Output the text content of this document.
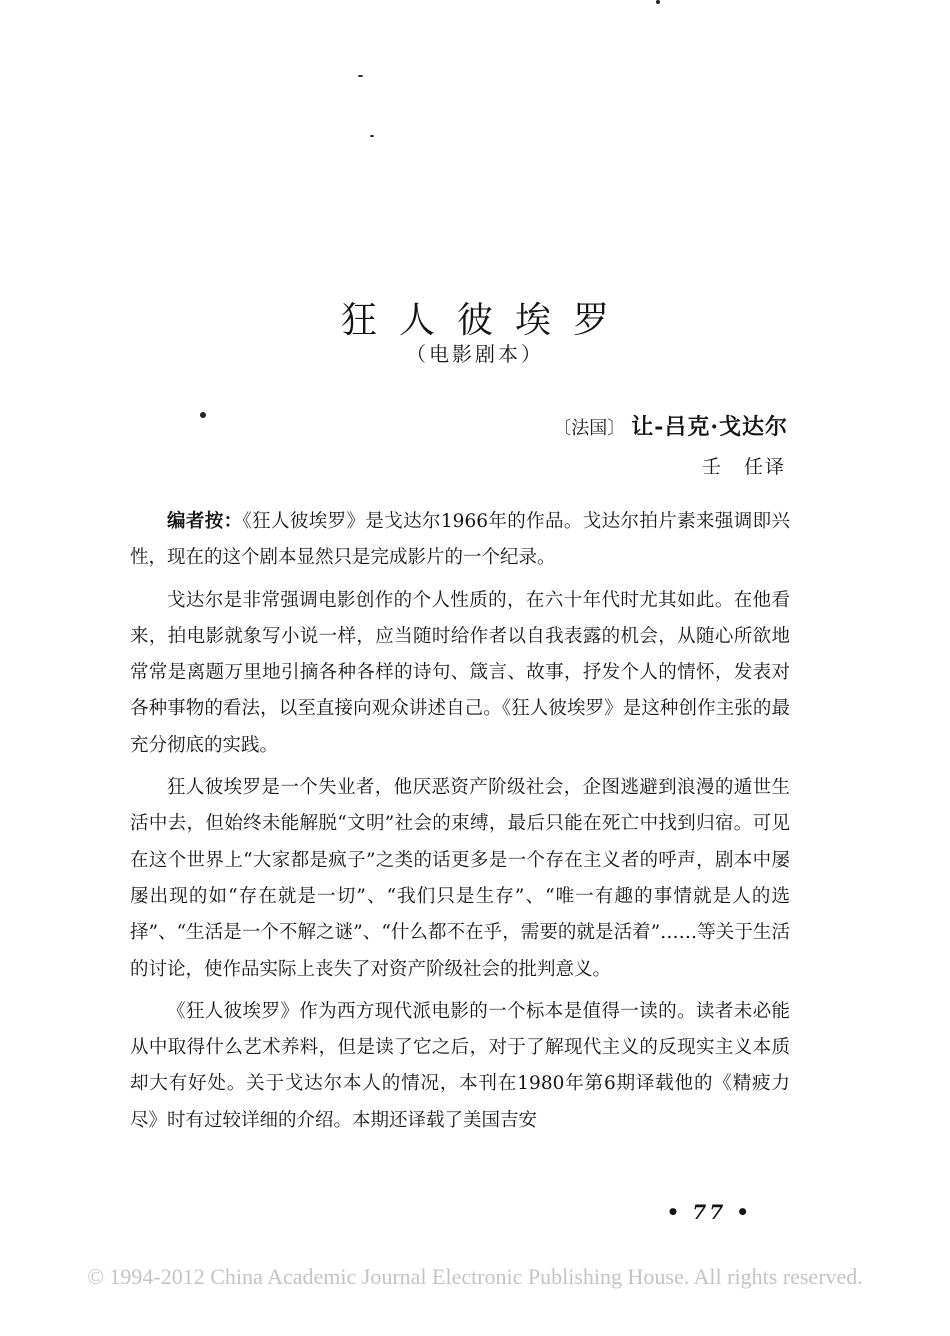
狂人彼埃罗
（电影剧本）
〔法国〕 让-吕克·戈达尔
壬　任译

编者按：《狂人彼埃罗》是戈达尔1966年的作品。戈达尔拍片素来强调即兴性，现在的这个剧本显然只是完成影片的一个纪录。

戈达尔是非常强调电影创作的个人性质的，在六十年代时尤其如此。在他看来，拍电影就象写小说一样，应当随时给作者以自我表露的机会，从随心所欲地常常是离题万里地引摘各种各样的诗句、箴言、故事，抒发个人的情怀，发表对各种事物的看法，以至直接向观众讲述自己。《狂人彼埃罗》是这种创作主张的最充分彻底的实践。

狂人彼埃罗是一个失业者，他厌恶资产阶级社会，企图逃避到浪漫的遁世生活中去，但始终未能解脱“文明”社会的束缚，最后只能在死亡中找到归宿。可见在这个世界上“大家都是疯子”之类的话更多是一个存在主义者的呼声，剧本中屡屡出现的如“存在就是一切”、“我们只是生存”、“唯一有趣的事情就是人的选择”、“生活是一个不解之谜”、“什么都不在乎，需要的就是活着”……等关于生活的讨论，使作品实际上丧失了对资产阶级社会的批判意义。

《狂人彼埃罗》作为西方现代派电影的一个标本是值得一读的。读者未必能从中取得什么艺术养料，但是读了它之后，对于了解现代主义的反现实主义本质却大有好处。关于戈达尔本人的情况，本刊在1980年第6期译载他的《精疲力尽》时有过较详细的介绍。本期还译载了美国吉安

• 77 •
© 1994-2012 China Academic Journal Electronic Publishing House. All rights reserved.
